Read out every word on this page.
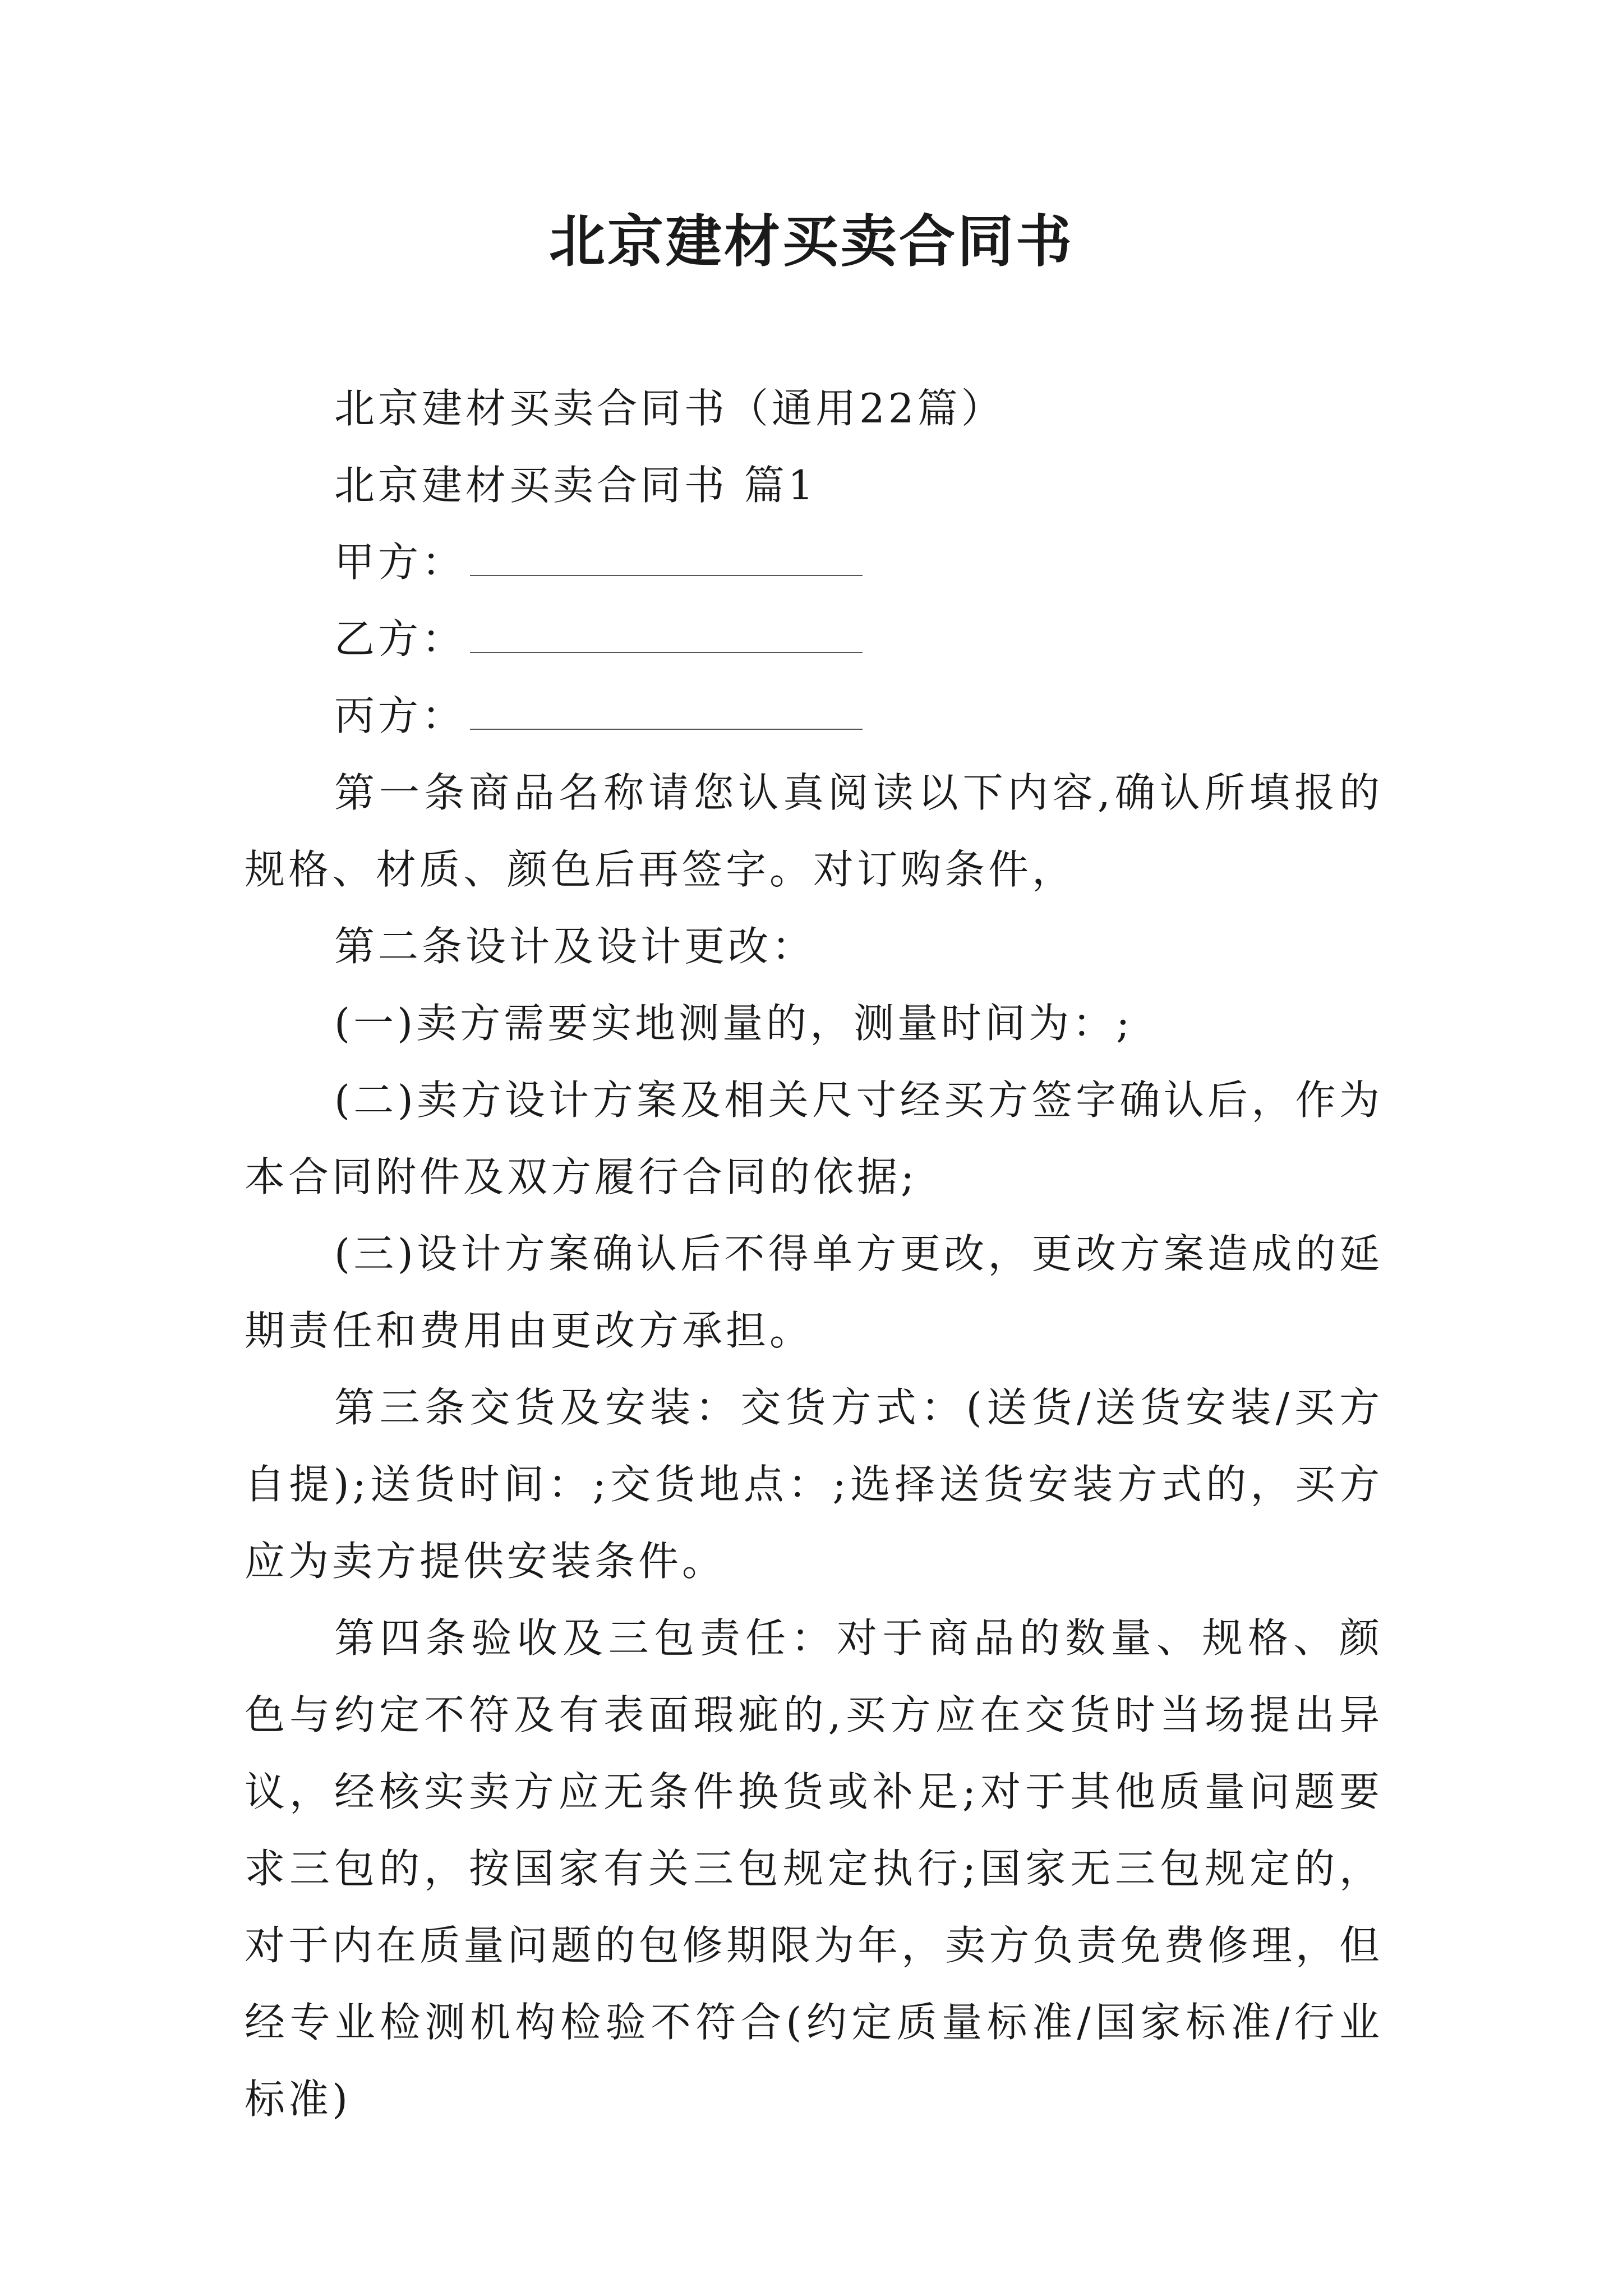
北京建材买卖合同书

北京建材买卖合同书（通用22篇）

北京建材买卖合同书 篇1

甲方：

乙方：

丙方：

第一条商品名称请您认真阅读以下内容,确认所填报的规格、材质、颜色后再签字。对订购条件，

第二条设计及设计更改：

(一)卖方需要实地测量的，测量时间为：;

(二)卖方设计方案及相关尺寸经买方签字确认后，作为本合同附件及双方履行合同的依据;

(三)设计方案确认后不得单方更改，更改方案造成的延期责任和费用由更改方承担。

第三条交货及安装：交货方式：(送货/送货安装/买方自提);送货时间：;交货地点：;选择送货安装方式的，买方应为卖方提供安装条件。

第四条验收及三包责任：对于商品的数量、规格、颜色与约定不符及有表面瑕疵的,买方应在交货时当场提出异议，经核实卖方应无条件换货或补足;对于其他质量问题要求三包的，按国家有关三包规定执行;国家无三包规定的，对于内在质量问题的包修期限为年，卖方负责免费修理，但经专业检测机构检验不符合(约定质量标准/国家标准/行业标准)
